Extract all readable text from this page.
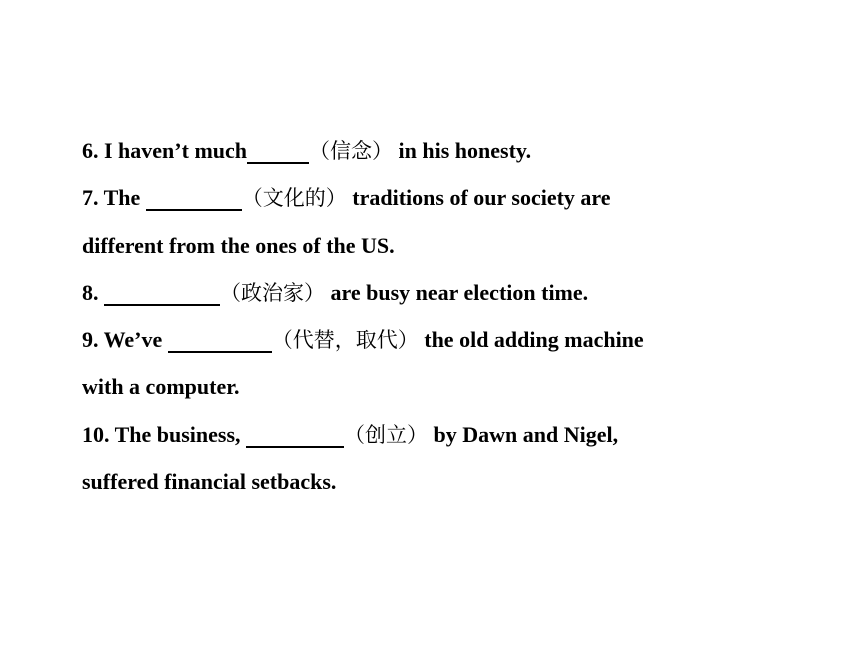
6. I haven’t much	（信念） in his honesty.
7. The	（文化的） traditions of our society are
different from the ones of the US.
8.	（政治家） are busy near election time.
9. We’ve	（代替，取代） the old adding machine
with a computer.
10. The business,	（创立） by Dawn and Nigel,
suffered financial setbacks.
